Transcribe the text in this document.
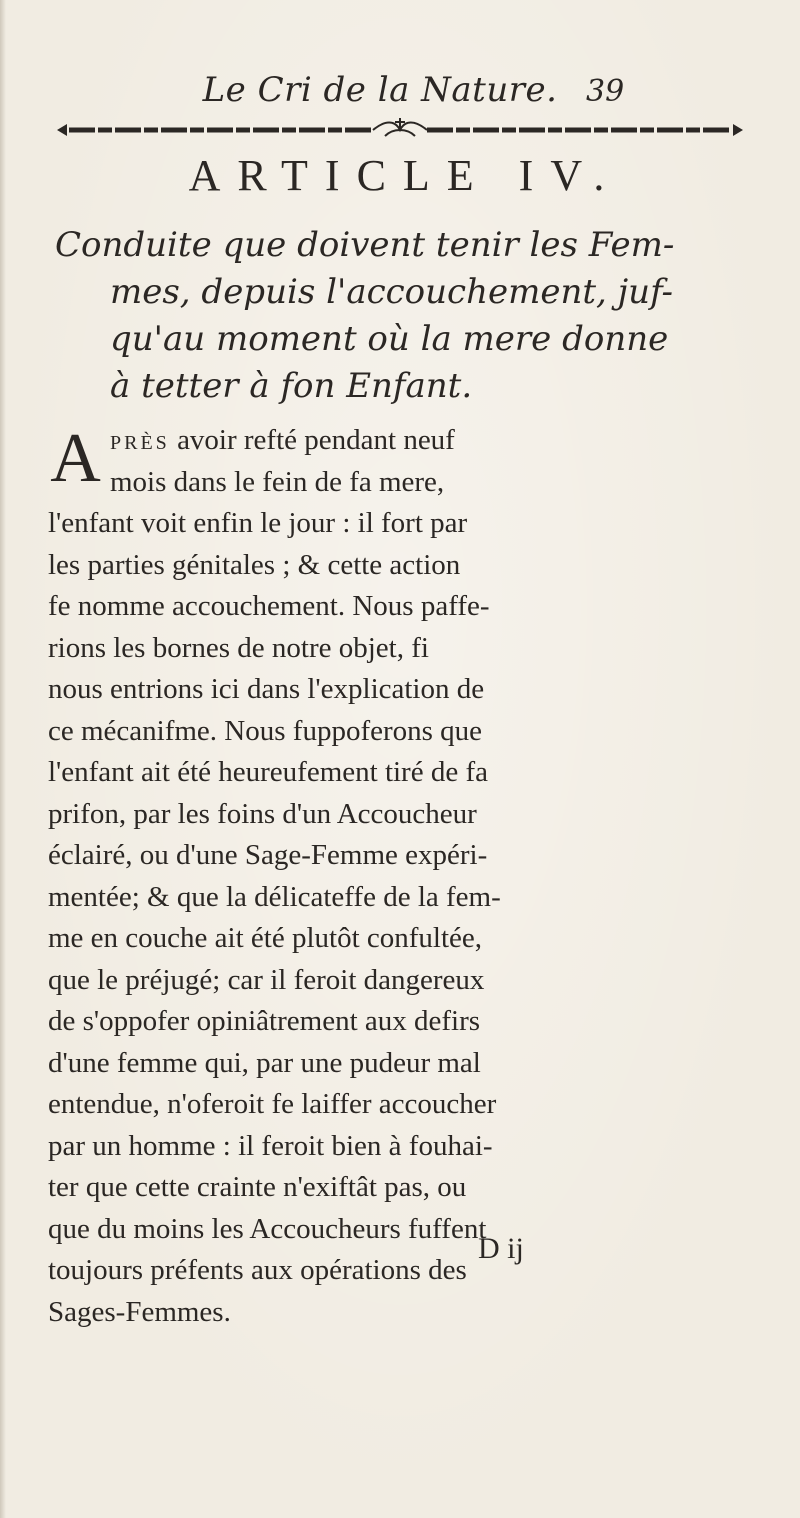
Le Cri de la Nature. 39
ARTICLE IV.
Conduite que doivent tenir les Fem-
mes, depuis l'accouchement, juf-
qu'au moment où la mere donne
à tetter à fon Enfant.
A près avoir refté pendant neuf
mois dans le fein de fa mere,
l'enfant voit enfin le jour : il fort par
les parties génitales ; & cette action
fe nomme accouchement. Nous paffe-
rions les bornes de notre objet, fi
nous entrions ici dans l'explication de
ce mécanifme. Nous fuppoferons que
l'enfant ait été heureufement tiré de fa
prifon, par les foins d'un Accoucheur
éclairé, ou d'une Sage-Femme expéri-
mentée; & que la délicateffe de la fem-
me en couche ait été plutôt confultée,
que le préjugé; car il feroit dangereux
de s'oppofer opiniâtrement aux defirs
d'une femme qui, par une pudeur mal
entendue, n'oferoit fe laiffer accoucher
par un homme : il feroit bien à fouhai-
ter que cette crainte n'exiftât pas, ou
que du moins les Accoucheurs fuffent
toujours préfents aux opérations des
Sages-Femmes.
D ij
